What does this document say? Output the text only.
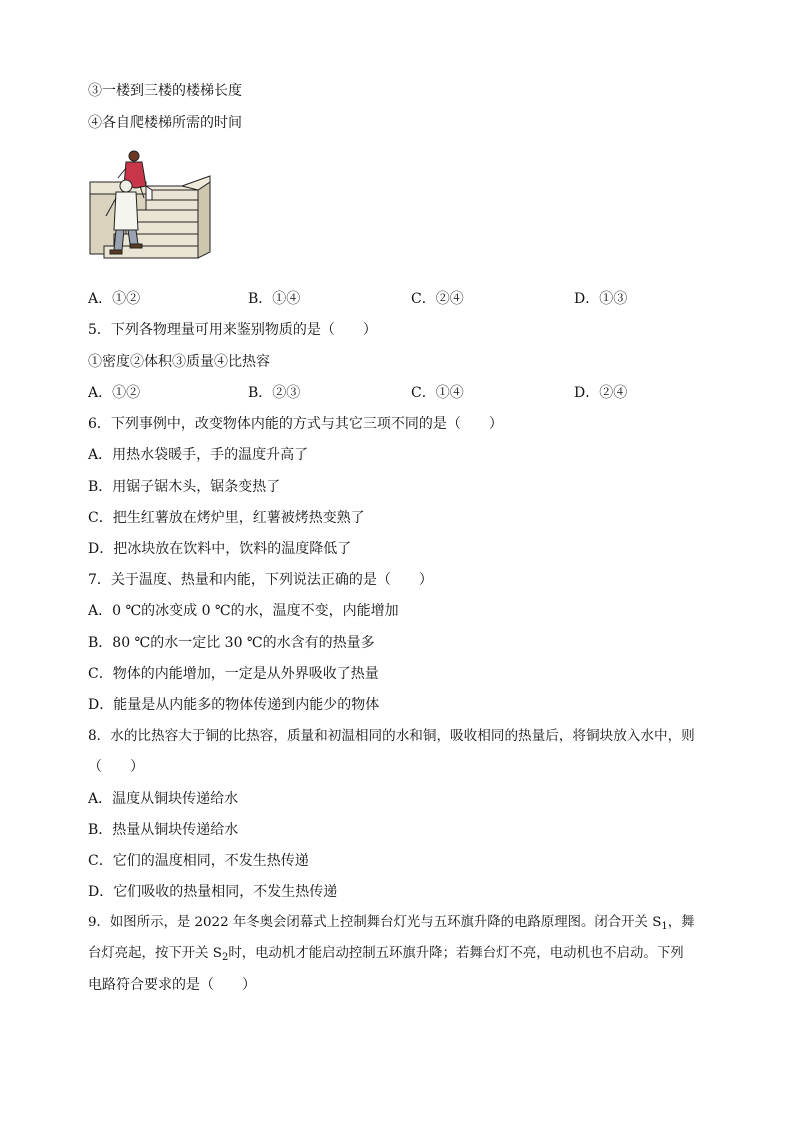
③一楼到三楼的楼梯长度
④各自爬楼梯所需的时间
A．①②	B．①④	C．②④	D．①③
5．下列各物理量可用来鉴别物质的是（　　）
①密度②体积③质量④比热容
A．①②	B．②③	C．①④	D．②④
6．下列事例中，改变物体内能的方式与其它三项不同的是（　　）
A．用热水袋暖手，手的温度升高了
B．用锯子锯木头，锯条变热了
C．把生红薯放在烤炉里，红薯被烤热变熟了
D．把冰块放在饮料中，饮料的温度降低了
7．关于温度、热量和内能，下列说法正确的是（　　）
A．0 ℃的冰变成 0 ℃的水，温度不变，内能增加
B．80 ℃的水一定比 30 ℃的水含有的热量多
C．物体的内能增加，一定是从外界吸收了热量
D．能量是从内能多的物体传递到内能少的物体
8．水的比热容大于铜的比热容，质量和初温相同的水和铜，吸收相同的热量后，将铜块放入水中，则
（　　）
A．温度从铜块传递给水
B．热量从铜块传递给水
C．它们的温度相同，不发生热传递
D．它们吸收的热量相同，不发生热传递
9．如图所示，是 2022 年冬奥会闭幕式上控制舞台灯光与五环旗升降的电路原理图。闭合开关 $S_1$，舞
台灯亮起，按下开关 $S_2$时，电动机才能启动控制五环旗升降；若舞台灯不亮，电动机也不启动。下列
电路符合要求的是（　　）
